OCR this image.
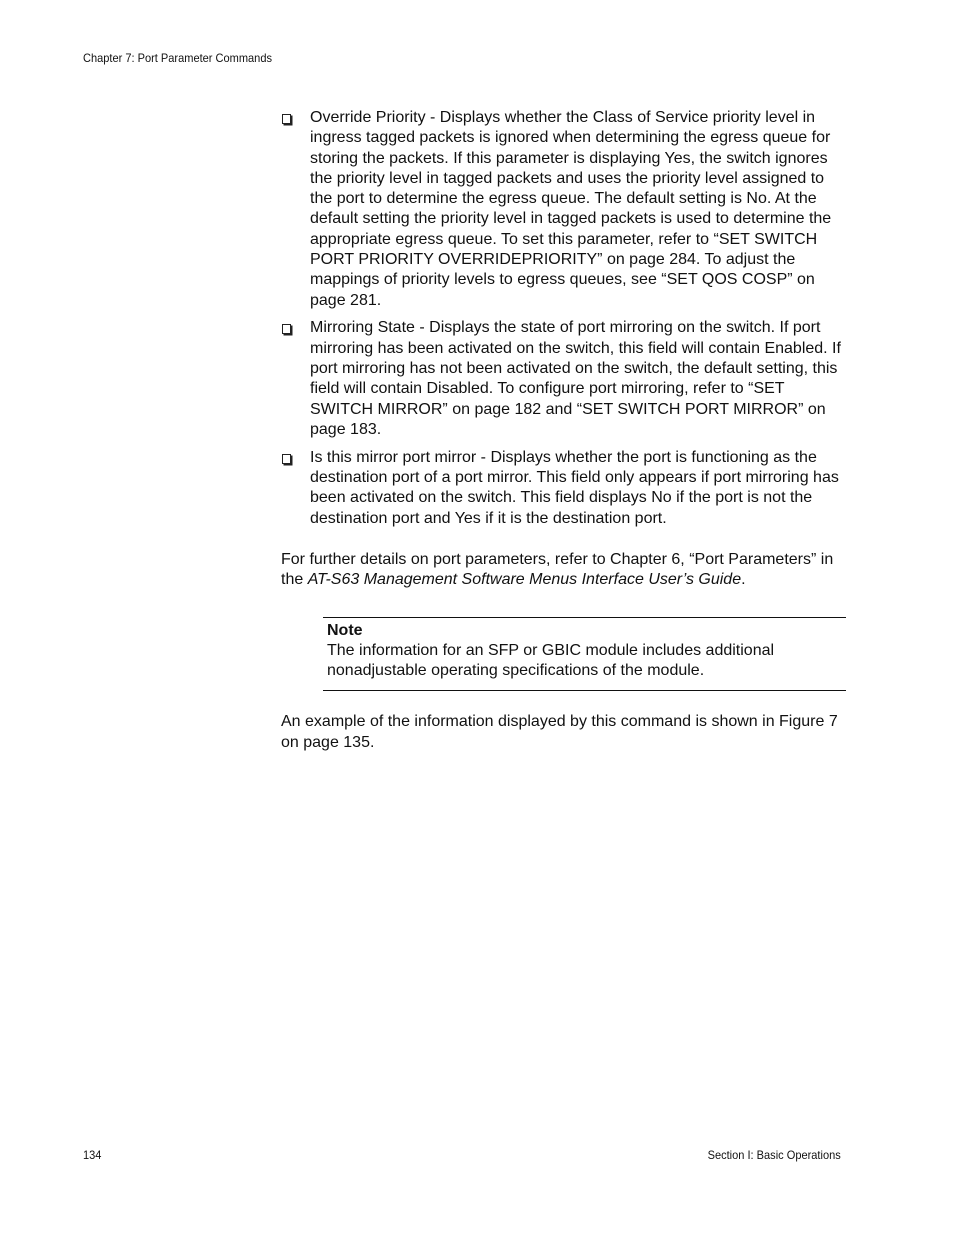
Chapter 7: Port Parameter Commands
Override Priority - Displays whether the Class of Service priority level in ingress tagged packets is ignored when determining the egress queue for storing the packets. If this parameter is displaying Yes, the switch ignores the priority level in tagged packets and uses the priority level assigned to the port to determine the egress queue. The default setting is No. At the default setting the priority level in tagged packets is used to determine the appropriate egress queue. To set this parameter, refer to “SET SWITCH PORT PRIORITY OVERRIDEPRIORITY” on page 284. To adjust the mappings of priority levels to egress queues, see “SET QOS COSP” on page 281.
Mirroring State - Displays the state of port mirroring on the switch. If port mirroring has been activated on the switch, this field will contain Enabled. If port mirroring has not been activated on the switch, the default setting, this field will contain Disabled. To configure port mirroring, refer to “SET SWITCH MIRROR” on page 182 and “SET SWITCH PORT MIRROR” on page 183.
Is this mirror port mirror - Displays whether the port is functioning as the destination port of a port mirror. This field only appears if port mirroring has been activated on the switch. This field displays No if the port is not the destination port and Yes if it is the destination port.

For further details on port parameters, refer to Chapter 6, “Port Parameters” in the AT-S63 Management Software Menus Interface User’s Guide.

Note
The information for an SFP or GBIC module includes additional nonadjustable operating specifications of the module.

An example of the information displayed by this command is shown in Figure 7 on page 135.

134	Section I: Basic Operations
